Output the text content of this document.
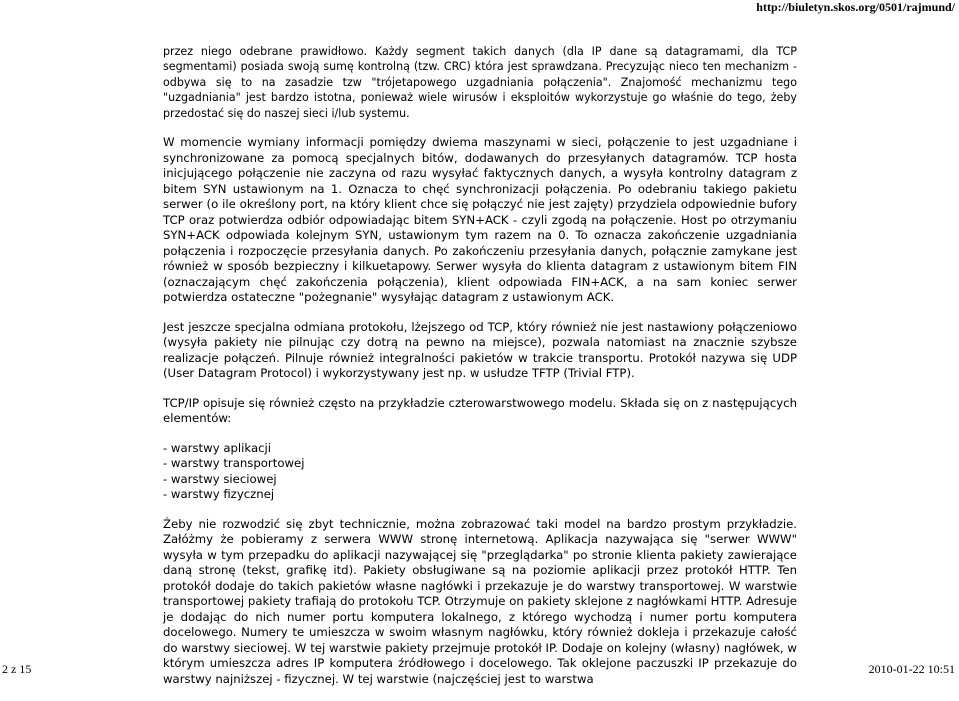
http://biuletyn.skos.org/0501/rajmund/

przez niego odebrane prawidłowo. Każdy segment takich danych (dla IP dane są datagramami, dla TCP segmentami) posiada swoją sumę kontrolną (tzw. CRC) która jest sprawdzana. Precyzując nieco ten mechanizm - odbywa się to na zasadzie tzw "trójetapowego uzgadniania połączenia". Znajomość mechanizmu tego "uzgadniania" jest bardzo istotna, ponieważ wiele wirusów i eksploitów wykorzystuje go właśnie do tego, żeby przedostać się do naszej sieci i/lub systemu.

W momencie wymiany informacji pomiędzy dwiema maszynami w sieci, połączenie to jest uzgadniane i synchronizowane za pomocą specjalnych bitów, dodawanych do przesyłanych datagramów. TCP hosta inicjującego połączenie nie zaczyna od razu wysyłać faktycznych danych, a wysyła kontrolny datagram z bitem SYN ustawionym na 1. Oznacza to chęć synchronizacji połączenia. Po odebraniu takiego pakietu serwer (o ile określony port, na który klient chce się połączyć nie jest zajęty) przydziela odpowiednie bufory TCP oraz potwierdza odbiór odpowiadając bitem SYN+ACK - czyli zgodą na połączenie. Host po otrzymaniu SYN+ACK odpowiada kolejnym SYN, ustawionym tym razem na 0. To oznacza zakończenie uzgadniania połączenia i rozpoczęcie przesyłania danych. Po zakończeniu przesyłania danych, połącznie zamykane jest również w sposób bezpieczny i kilkuetapowy. Serwer wysyła do klienta datagram z ustawionym bitem FIN (oznaczającym chęć zakończenia połączenia), klient odpowiada FIN+ACK, a na sam koniec serwer potwierdza ostateczne "pożegnanie" wysyłając datagram z ustawionym ACK.

Jest jeszcze specjalna odmiana protokołu, lżejszego od TCP, który również nie jest nastawiony połączeniowo (wysyła pakiety nie pilnując czy dotrą na pewno na miejsce), pozwala natomiast na znacznie szybsze realizacje połączeń. Pilnuje również integralności pakietów w trakcie transportu. Protokół nazywa się UDP (User Datagram Protocol) i wykorzystywany jest np. w usłudze TFTP (Trivial FTP).

TCP/IP opisuje się również często na przykładzie czterowarstwowego modelu. Składa się on z następujących elementów:

- warstwy aplikacji
- warstwy transportowej
- warstwy sieciowej
- warstwy fizycznej

Żeby nie rozwodzić się zbyt technicznie, można zobrazować taki model na bardzo prostym przykładzie. Załóżmy że pobieramy z serwera WWW stronę internetową. Aplikacja nazywająca się "serwer WWW" wysyła w tym przepadku do aplikacji nazywającej się "przeglądarka" po stronie klienta pakiety zawierające daną stronę (tekst, grafikę itd). Pakiety obsługiwane są na poziomie aplikacji przez protokół HTTP. Ten protokół dodaje do takich pakietów własne nagłówki i przekazuje je do warstwy transportowej. W warstwie transportowej pakiety trafiają do protokołu TCP. Otrzymuje on pakiety sklejone z nagłówkami HTTP. Adresuje je dodając do nich numer portu komputera lokalnego, z którego wychodzą i numer portu komputera docelowego. Numery te umieszcza w swoim własnym nagłówku, który również dokleja i przekazuje całość do warstwy sieciowej. W tej warstwie pakiety przejmuje protokół IP. Dodaje on kolejny (własny) nagłówek, w którym umieszcza adres IP komputera źródłowego i docelowego. Tak oklejone paczuszki IP przekazuje do warstwy najniższej - fizycznej. W tej warstwie (najczęściej jest to warstwa

2 z 15	2010-01-22 10:51
